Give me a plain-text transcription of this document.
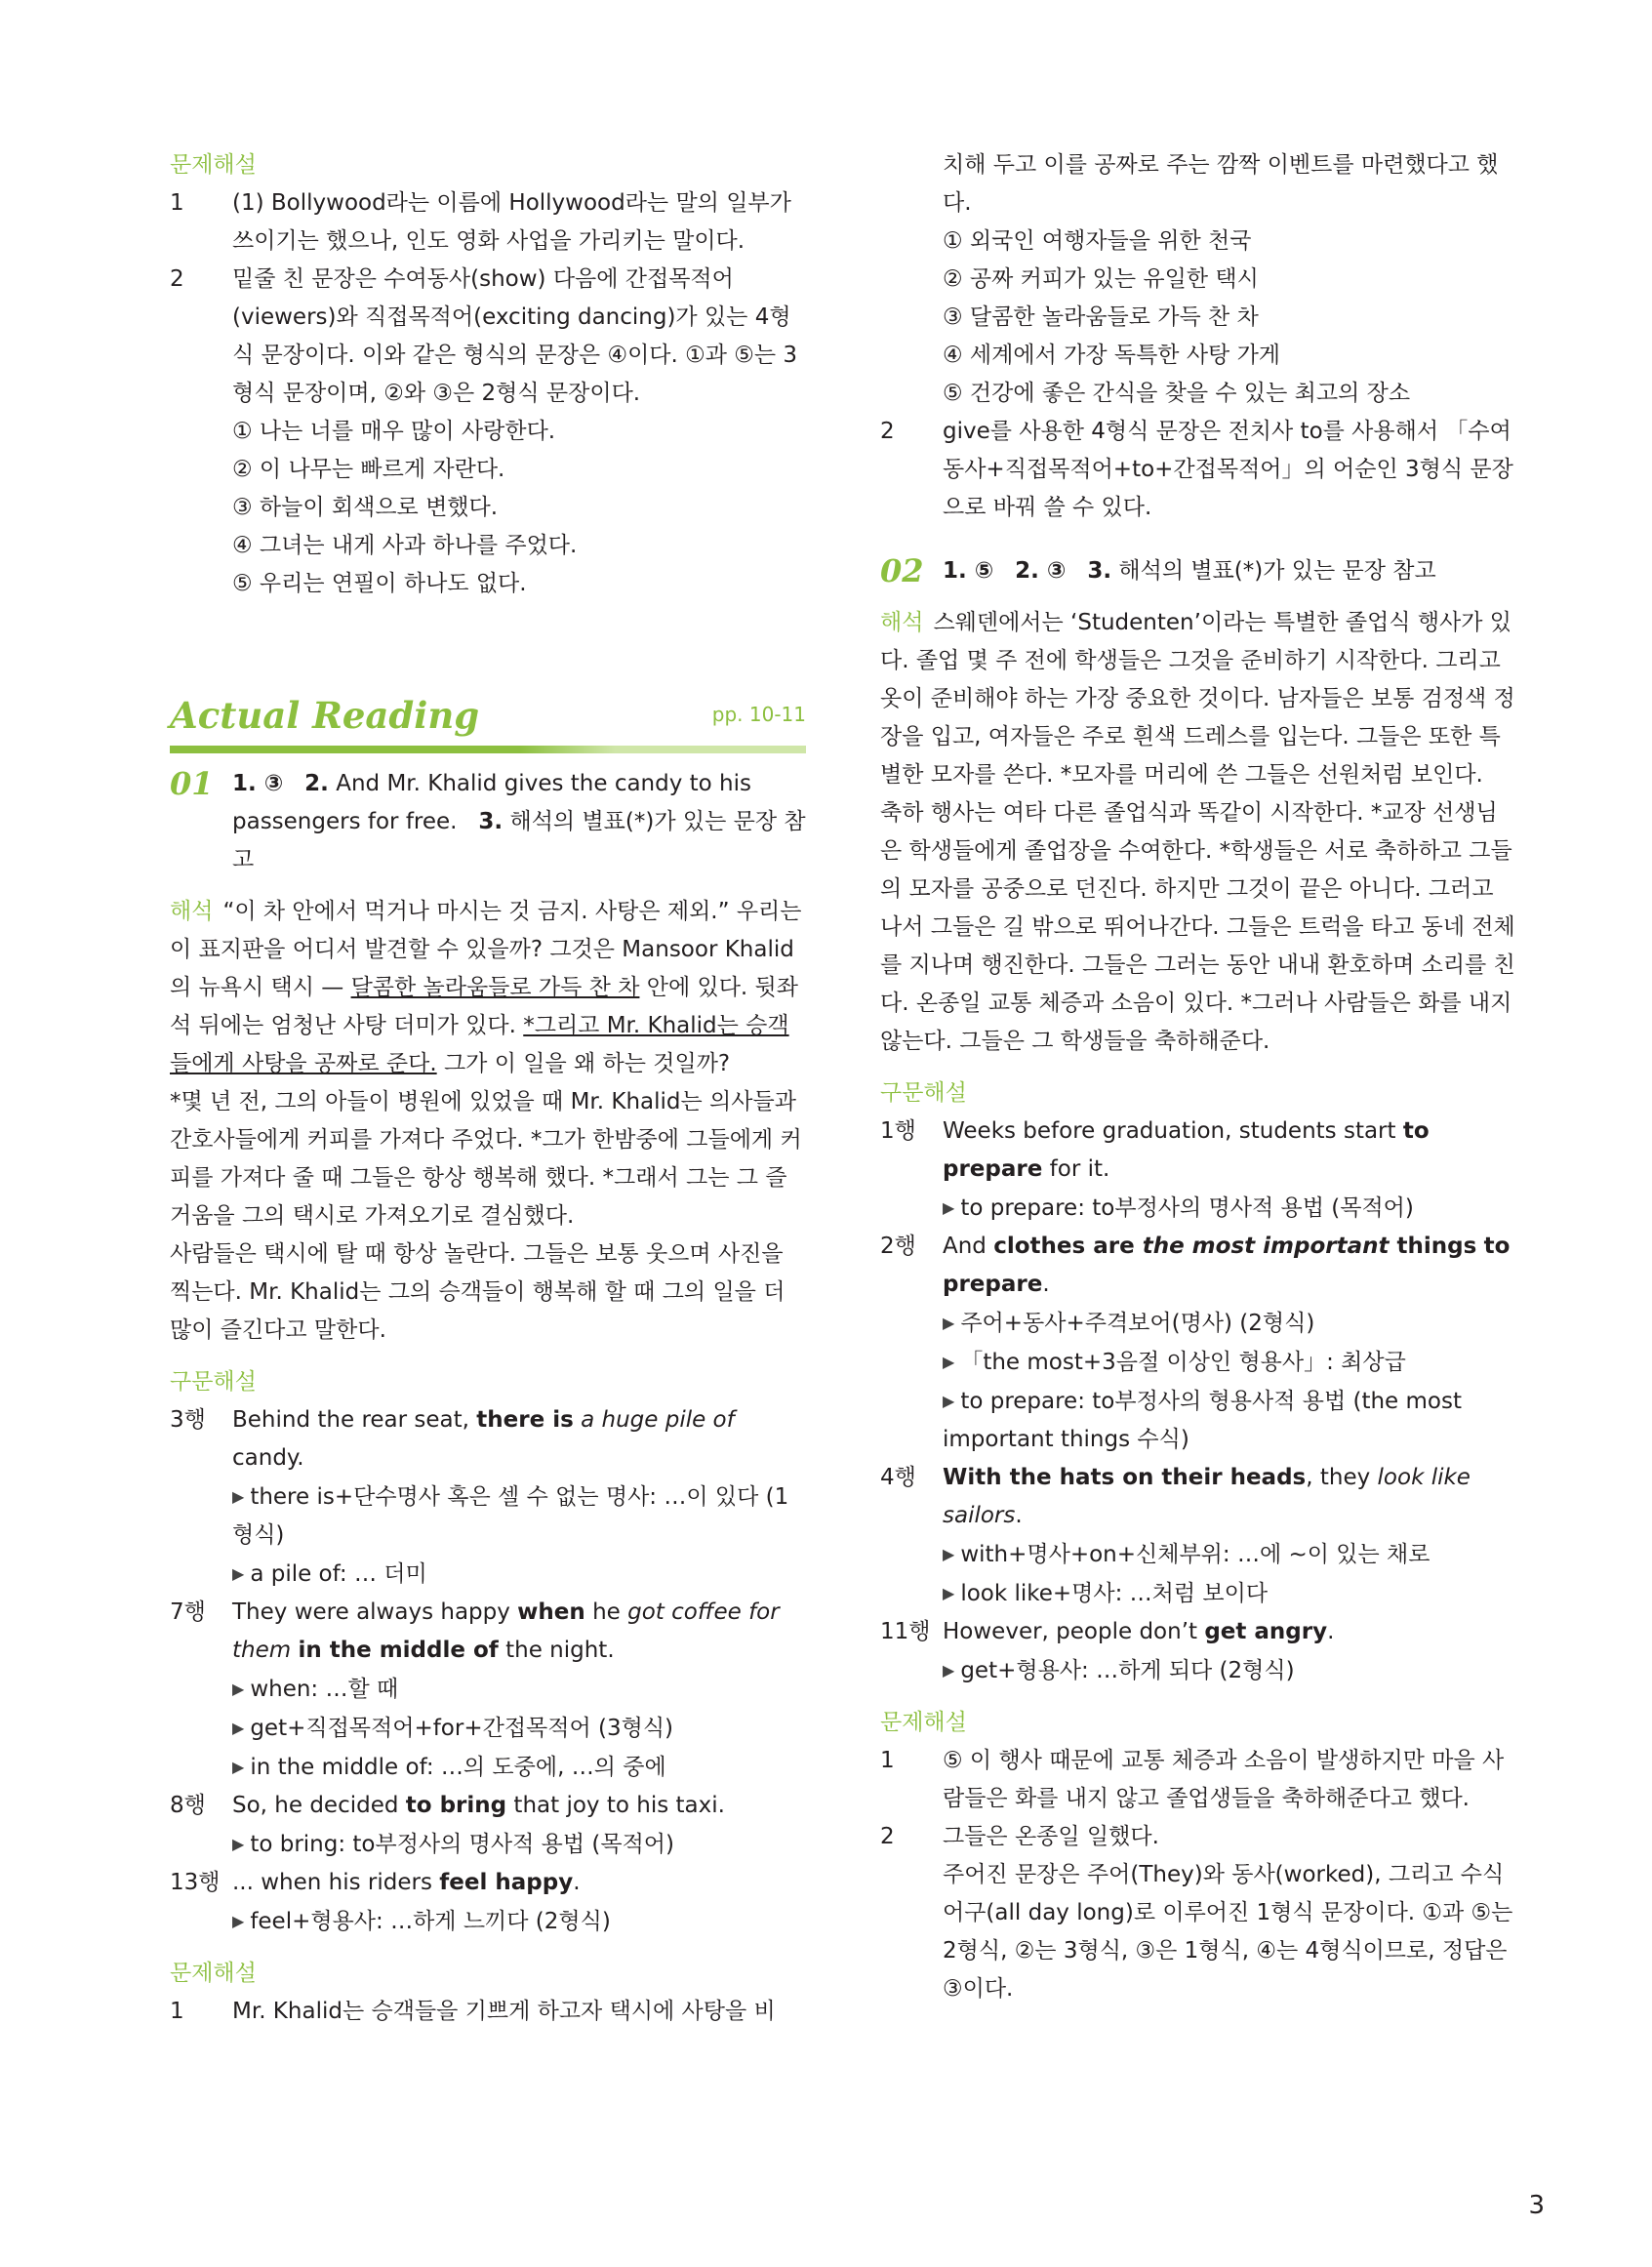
문제해설
1	(1) Bollywood라는 이름에 Hollywood라는 말의 일부가 쓰이기는 했으나, 인도 영화 사업을 가리키는 말이다.
2	밑줄 친 문장은 수여동사(show) 다음에 간접목적어(viewers)와 직접목적어(exciting dancing)가 있는 4형식 문장이다. 이와 같은 형식의 문장은 ④이다. ①과 ⑤는 3형식 문장이며, ②와 ③은 2형식 문장이다.
① 나는 너를 매우 많이 사랑한다.
② 이 나무는 빠르게 자란다.
③ 하늘이 회색으로 변했다.
④ 그녀는 내게 사과 하나를 주었다.
⑤ 우리는 연필이 하나도 없다.
Actual Reading	pp. 10-11
01 1. ③ 2. And Mr. Khalid gives the candy to his passengers for free. 3. 해석의 별표(*)가 있는 문장 참고
해석 “이 차 안에서 먹거나 마시는 것 금지. 사탕은 제외.” 우리는 이 표지판을 어디서 발견할 수 있을까? 그것은 Mansoor Khalid의 뉴욕시 택시 — 달콤한 놀라움들로 가득 찬 차 안에 있다. 뒷좌석 뒤에는 엄청난 사탕 더미가 있다. *그리고 Mr. Khalid는 승객들에게 사탕을 공짜로 준다. 그가 이 일을 왜 하는 것일까?
*몇 년 전, 그의 아들이 병원에 있었을 때 Mr. Khalid는 의사들과 간호사들에게 커피를 가져다 주었다. *그가 한밤중에 그들에게 커피를 가져다 줄 때 그들은 항상 행복해 했다. *그래서 그는 그 즐거움을 그의 택시로 가져오기로 결심했다.
사람들은 택시에 탈 때 항상 놀란다. 그들은 보통 웃으며 사진을 찍는다. Mr. Khalid는 그의 승객들이 행복해 할 때 그의 일을 더 많이 즐긴다고 말한다.
구문해설
3행	Behind the rear seat, there is a huge pile of candy.
▶ there is+단수명사 혹은 셀 수 없는 명사: …이 있다 (1형식)
▶ a pile of: … 더미
7행	They were always happy when he got coffee for them in the middle of the night.
▶ when: …할 때
▶ get+직접목적어+for+간접목적어 (3형식)
▶ in the middle of: …의 도중에, …의 중에
8행	So, he decided to bring that joy to his taxi.
▶ to bring: to부정사의 명사적 용법 (목적어)
13행 ... when his riders feel happy.
▶ feel+형용사: …하게 느끼다 (2형식)
문제해설
1	Mr. Khalid는 승객들을 기쁘게 하고자 택시에 사탕을 비
치해 두고 이를 공짜로 주는 깜짝 이벤트를 마련했다고 했다.
① 외국인 여행자들을 위한 천국
② 공짜 커피가 있는 유일한 택시
③ 달콤한 놀라움들로 가득 찬 차
④ 세계에서 가장 독특한 사탕 가게
⑤ 건강에 좋은 간식을 찾을 수 있는 최고의 장소
2	give를 사용한 4형식 문장은 전치사 to를 사용해서 「수여동사+직접목적어+to+간접목적어」의 어순인 3형식 문장으로 바꿔 쓸 수 있다.
02 1. ⑤ 2. ③ 3. 해석의 별표(*)가 있는 문장 참고
해석 스웨덴에서는 ‘Studenten’이라는 특별한 졸업식 행사가 있다. 졸업 몇 주 전에 학생들은 그것을 준비하기 시작한다. 그리고 옷이 준비해야 하는 가장 중요한 것이다. 남자들은 보통 검정색 정장을 입고, 여자들은 주로 흰색 드레스를 입는다. 그들은 또한 특별한 모자를 쓴다. *모자를 머리에 쓴 그들은 선원처럼 보인다.
축하 행사는 여타 다른 졸업식과 똑같이 시작한다. *교장 선생님은 학생들에게 졸업장을 수여한다. *학생들은 서로 축하하고 그들의 모자를 공중으로 던진다. 하지만 그것이 끝은 아니다. 그러고 나서 그들은 길 밖으로 뛰어나간다. 그들은 트럭을 타고 동네 전체를 지나며 행진한다. 그들은 그러는 동안 내내 환호하며 소리를 친다. 온종일 교통 체증과 소음이 있다. *그러나 사람들은 화를 내지 않는다. 그들은 그 학생들을 축하해준다.
구문해설
1행	Weeks before graduation, students start to prepare for it.
▶ to prepare: to부정사의 명사적 용법 (목적어)
2행	And clothes are the most important things to prepare.
▶ 주어+동사+주격보어(명사) (2형식)
▶ 「the most+3음절 이상인 형용사」: 최상급
▶ to prepare: to부정사의 형용사적 용법 (the most important things 수식)
4행	With the hats on their heads, they look like sailors.
▶ with+명사+on+신체부위: …에 ~이 있는 채로
▶ look like+명사: …처럼 보이다
11행 However, people don’t get angry.
▶ get+형용사: …하게 되다 (2형식)
문제해설
1	⑤ 이 행사 때문에 교통 체증과 소음이 발생하지만 마을 사람들은 화를 내지 않고 졸업생들을 축하해준다고 했다.
2	그들은 온종일 일했다.
주어진 문장은 주어(They)와 동사(worked), 그리고 수식어구(all day long)로 이루어진 1형식 문장이다. ①과 ⑤는 2형식, ②는 3형식, ③은 1형식, ④는 4형식이므로, 정답은 ③이다.
3
